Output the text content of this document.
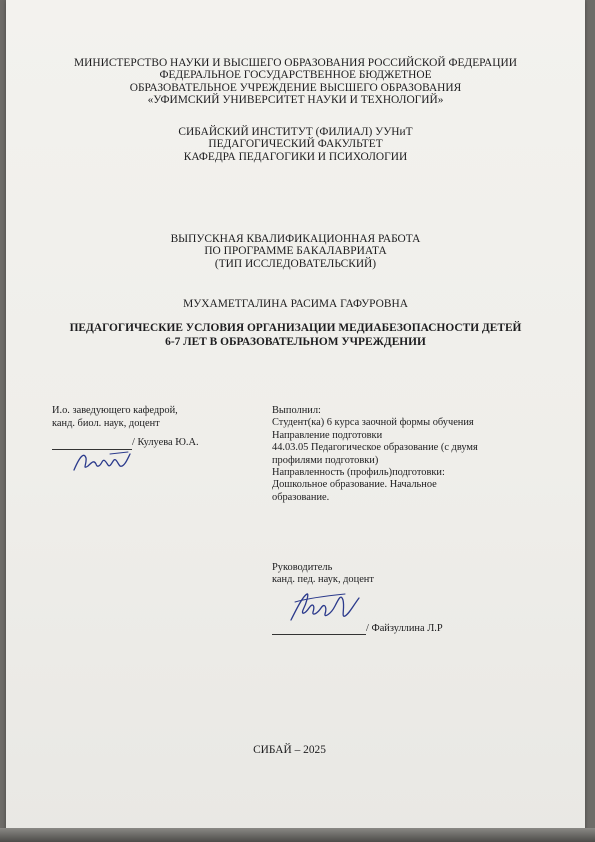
МИНИСТЕРСТВО НАУКИ И ВЫСШЕГО ОБРАЗОВАНИЯ РОССИЙСКОЙ ФЕДЕРАЦИИ
ФЕДЕРАЛЬНОЕ ГОСУДАРСТВЕННОЕ БЮДЖЕТНОЕ
ОБРАЗОВАТЕЛЬНОЕ УЧРЕЖДЕНИЕ ВЫСШЕГО ОБРАЗОВАНИЯ
«УФИМСКИЙ УНИВЕРСИТЕТ НАУКИ И ТЕХНОЛОГИЙ»
СИБАЙСКИЙ ИНСТИТУТ (ФИЛИАЛ) УУНиТ
ПЕДАГОГИЧЕСКИЙ ФАКУЛЬТЕТ
КАФЕДРА ПЕДАГОГИКИ И ПСИХОЛОГИИ
ВЫПУСКНАЯ КВАЛИФИКАЦИОННАЯ РАБОТА
ПО ПРОГРАММЕ БАКАЛАВРИАТА
(ТИП ИССЛЕДОВАТЕЛЬСКИЙ)
МУХАМЕТГАЛИНА РАСИМА ГАФУРОВНА
ПЕДАГОГИЧЕСКИЕ УСЛОВИЯ ОРГАНИЗАЦИИ МЕДИАБЕЗОПАСНОСТИ ДЕТЕЙ
6-7 ЛЕТ В ОБРАЗОВАТЕЛЬНОМ УЧРЕЖДЕНИИ
И.о. заведующего кафедрой,
канд. биол. наук, доцент
/ Кулуева Ю.А.
Выполнил:
Студент(ка) 6 курса заочной формы обучения
Направление подготовки
44.03.05 Педагогическое образование (с двумя
профилями подготовки)
Направленность (профиль)подготовки:
Дошкольное образование. Начальное
образование.
Руководитель
канд. пед. наук, доцент
/ Файзуллина Л.Р
СИБАЙ – 2025
